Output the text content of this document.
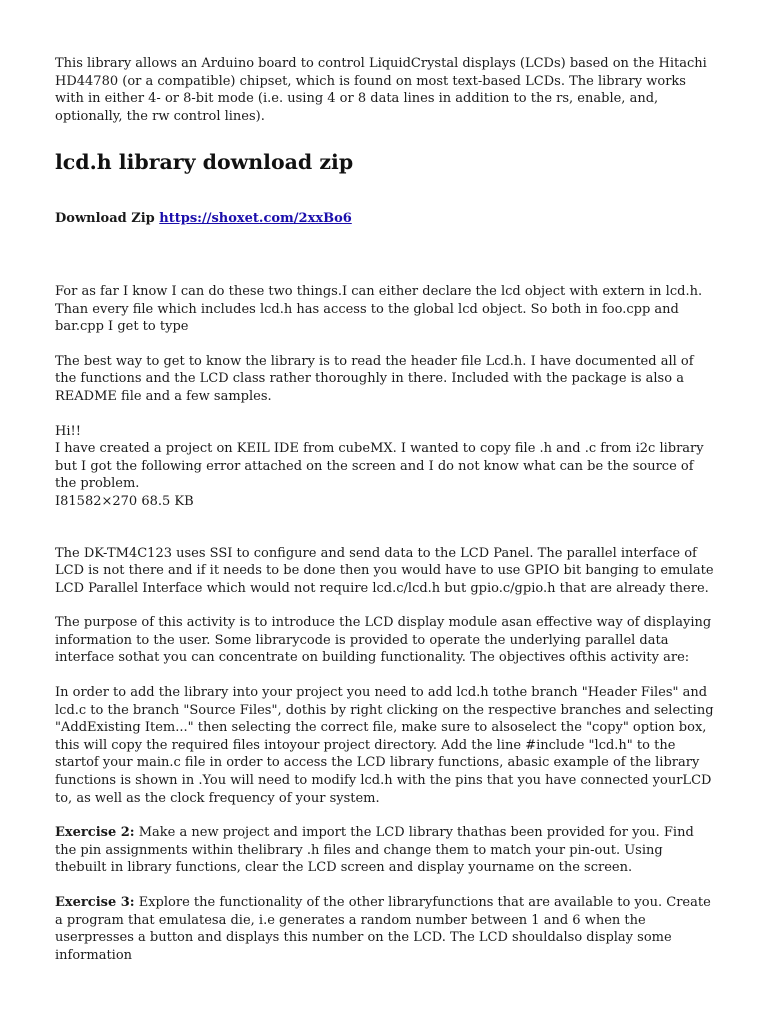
This library allows an Arduino board to control LiquidCrystal displays (LCDs) based on the Hitachi HD44780 (or a compatible) chipset, which is found on most text-based LCDs. The library works with in either 4- or 8-bit mode (i.e. using 4 or 8 data lines in addition to the rs, enable, and, optionally, the rw control lines).

lcd.h library download zip

Download Zip https://shoxet.com/2xxBo6

For as far I know I can do these two things.I can either declare the lcd object with extern in lcd.h. Than every file which includes lcd.h has access to the global lcd object. So both in foo.cpp and bar.cpp I get to type

The best way to get to know the library is to read the header file Lcd.h. I have documented all of the functions and the LCD class rather thoroughly in there. Included with the package is also a README file and a few samples.

Hi!!

I have created a project on KEIL IDE from cubeMX. I wanted to copy file .h and .c from i2c library but I got the following error attached on the screen and I do not know what can be the source of the problem.

I81582×270 68.5 KB

The DK-TM4C123 uses SSI to configure and send data to the LCD Panel. The parallel interface of LCD is not there and if it needs to be done then you would have to use GPIO bit banging to emulate LCD Parallel Interface which would not require lcd.c/lcd.h but gpio.c/gpio.h that are already there.

The purpose of this activity is to introduce the LCD display module asan effective way of displaying information to the user. Some librarycode is provided to operate the underlying parallel data interface sothat you can concentrate on building functionality. The objectives ofthis activity are:

In order to add the library into your project you need to add lcd.h tothe branch "Header Files" and lcd.c to the branch "Source Files", dothis by right clicking on the respective branches and selecting "AddExisting Item..." then selecting the correct file, make sure to alsoselect the "copy" option box, this will copy the required files intoyour project directory. Add the line #include "lcd.h" to the startof your main.c file in order to access the LCD library functions, abasic example of the library functions is shown in .You will need to modify lcd.h with the pins that you have connected yourLCD to, as well as the clock frequency of your system.

Exercise 2: Make a new project and import the LCD library thathas been provided for you. Find the pin assignments within thelibrary .h files and change them to match your pin-out. Using thebuilt in library functions, clear the LCD screen and display yourname on the screen.

Exercise 3: Explore the functionality of the other libraryfunctions that are available to you. Create a program that emulatesa die, i.e generates a random number between 1 and 6 when the userpresses a button and displays this number on the LCD. The LCD shouldalso display some information
